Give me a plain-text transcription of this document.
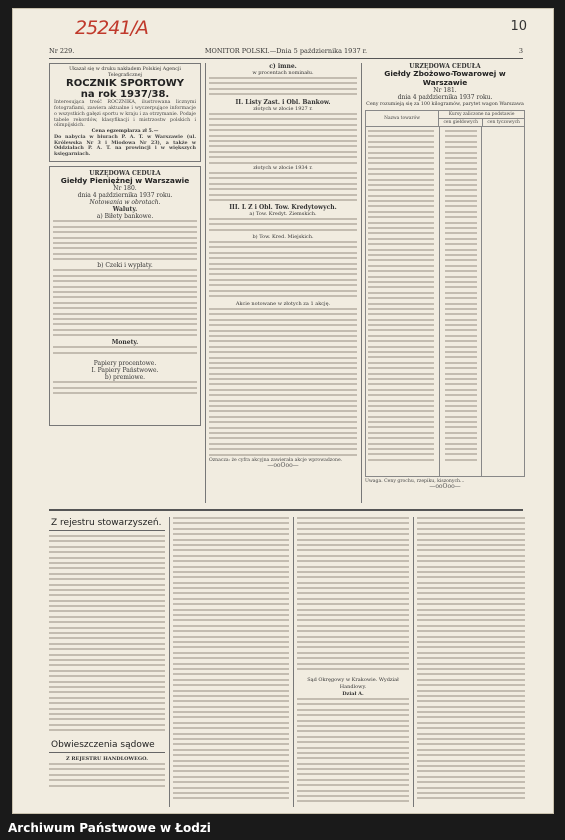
25241/A	10
Nr 229.	MONITOR POLSKI.—Dnia 5 października 1937 r.	3
Ukazał się w druku nakładem Polskiej Agencji Telegraficznej
ROCZNIK SPORTOWY
na rok 1937/38.
Interesująca treść ROCZNIKA, ilustrowana licznymi fotografiami, zawiera aktualne i wyczerpujące informacje o wszystkich gałęzi sportu w kraju i za otrzymanie. Podaje tabele rekordów, klasyfikacji i mistrzostw polskich i olimpijskich.
Cena egzemplarza zł 5.—
Do nabycia w biurach P. A. T. w Warszawie (ul. Królewska Nr 3 i Miodowa Nr 23), a także w Oddziałach P. A. T. na prowincji i w większych księgarniach.
URZĘDOWA CEDUŁA
Giełdy Pieniężnej w Warszawie
Nr 180.
dnia 4 października 1937 roku.
Notowania w obrotach.
Waluty.
a) Biłety bankowe.
b) Czeki i wypłaty.
Monety.
Papiery procentowe.
I. Papiery Państwowe.
b) premiowe.
c) imne.
w procentach nominału.
II. Listy Zast. i Obl. Bankow.
złotych w złocie 1927 r.
złotych w złocie 1934 r.
III. L Z i Obl. Tow. Kredytowych.
a) Tow. Kredyt. Ziemskich.
b) Tow. Kred. Miejskich.
Akcie notowane w złotych za 1 akcję.
Oznacza: że cyfra akcyjna zawierała akcje wprowadzone.
—ooOoo—
URZĘDOWA CEDUŁA
Giełdy Zbożowo-Towarowej w Warszawie
Nr 181.
dnia 4 października 1937 roku.
Ceny rozumieją się za 100 kilogramów, parytet wagon Warszawa
Nazwa towarów	Kursy zaliczone na podstawie	
	cen giełdowych	cen tyczowych
Uwaga. Ceny grochu, rzepiku, kiszonych...
—ooOoo—
Z rejestru stowarzyszeń.
Obwieszczenia sądowe
Z REJESTRU HANDLOWEGO.
Sąd Okręgowy w Krakowie. Wydział Handlowy.
Dział A.
Archiwum Państwowe w Łodzi
